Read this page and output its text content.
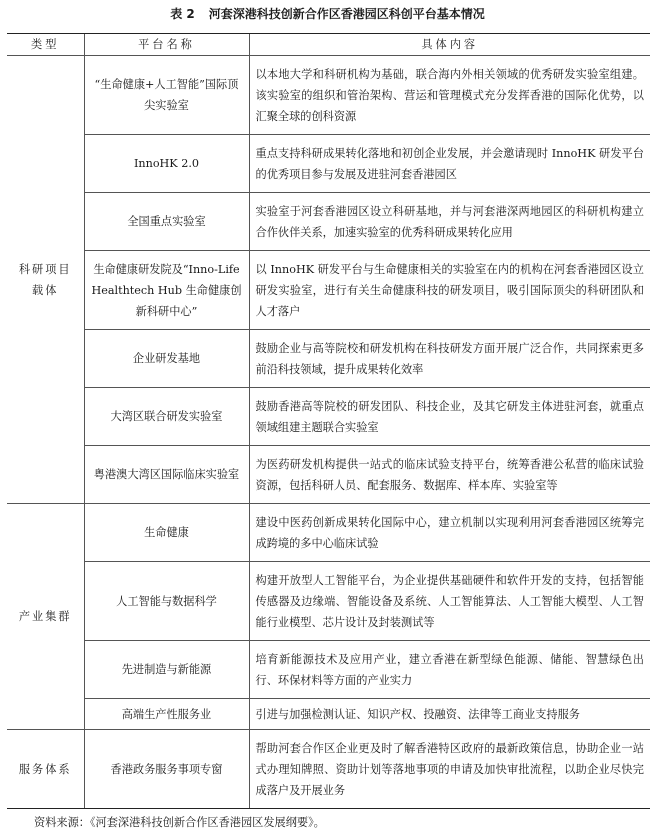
表 2 河套深港科技创新合作区香港园区科创平台基本情况
类型	平台名称	具体内容
科研项目载体	“生命健康+人工智能”国际顶尖实验室	以本地大学和科研机构为基础，联合海内外相关领域的优秀研发实验室组建。该实验室的组织和管治架构、营运和管理模式充分发挥香港的国际化优势，以汇聚全球的创科资源
	InnoHK 2.0	重点支持科研成果转化落地和初创企业发展，并会邀请现时 InnoHK 研发平台的优秀项目参与发展及进驻河套香港园区
	全国重点实验室	实验室于河套香港园区设立科研基地，并与河套港深两地园区的科研机构建立合作伙伴关系，加速实验室的优秀科研成果转化应用
	生命健康研发院及“Inno-Life Healthtech Hub 生命健康创新科研中心”	以 InnoHK 研发平台与生命健康相关的实验室在内的机构在河套香港园区设立研发实验室，进行有关生命健康科技的研发项目，吸引国际顶尖的科研团队和人才落户
	企业研发基地	鼓励企业与高等院校和研发机构在科技研发方面开展广泛合作，共同探索更多前沿科技领域，提升成果转化效率
	大湾区联合研发实验室	鼓励香港高等院校的研发团队、科技企业，及其它研发主体进驻河套，就重点领域组建主题联合实验室
	粤港澳大湾区国际临床实验室	为医药研发机构提供一站式的临床试验支持平台，统筹香港公私营的临床试验资源，包括科研人员、配套服务、数据库、样本库、实验室等
产业集群	生命健康	建设中医药创新成果转化国际中心，建立机制以实现利用河套香港园区统筹完成跨境的多中心临床试验
	人工智能与数据科学	构建开放型人工智能平台，为企业提供基础硬件和软件开发的支持，包括智能传感器及边缘端、智能设备及系统、人工智能算法、人工智能大模型、人工智能行业模型、芯片设计及封装测试等
	先进制造与新能源	培育新能源技术及应用产业，建立香港在新型绿色能源、储能、智慧绿色出行、环保材料等方面的产业实力
	高端生产性服务业	引进与加强检测认证、知识产权、投融资、法律等工商业支持服务
服务体系	香港政务服务事项专窗	帮助河套合作区企业更及时了解香港特区政府的最新政策信息，协助企业一站式办理知牌照、资助计划等落地事项的申请及加快审批流程，以助企业尽快完成落户及开展业务
资料来源：《河套深港科技创新合作区香港园区发展纲要》。
